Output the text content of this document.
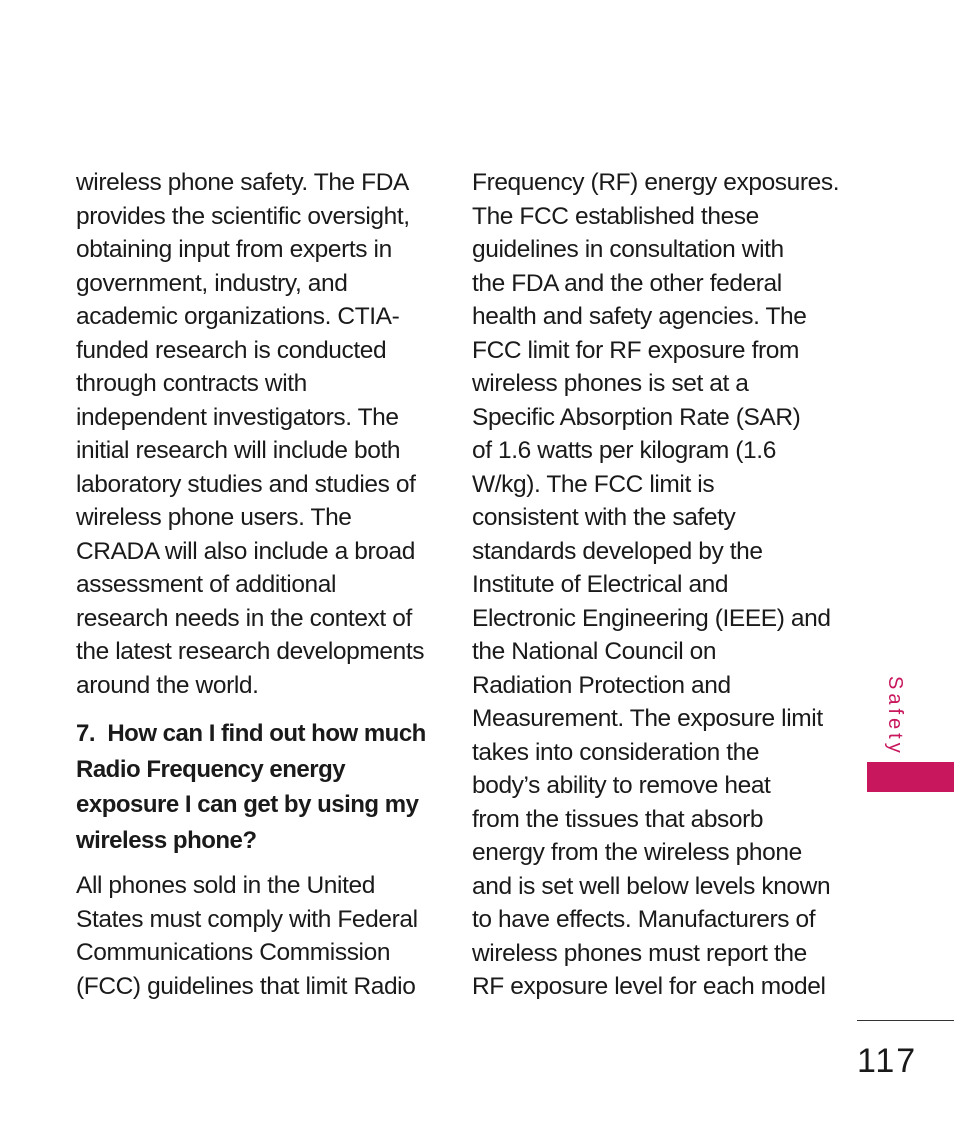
wireless phone safety. The FDA
provides the scientific oversight,
obtaining input from experts in
government, industry, and
academic organizations. CTIA-
funded research is conducted
through contracts with
independent investigators. The
initial research will include both
laboratory studies and studies of
wireless phone users. The
CRADA will also include a broad
assessment of additional
research needs in the context of
the latest research developments
around the world.
7.  How can I find out how much
Radio Frequency energy
exposure I can get by using my
wireless phone?
All phones sold in the United
States must comply with Federal
Communications Commission
(FCC) guidelines that limit Radio
Frequency (RF) energy exposures.
The FCC established these
guidelines in consultation with
the FDA and the other federal
health and safety agencies. The
FCC limit for RF exposure from
wireless phones is set at a
Specific Absorption Rate (SAR)
of 1.6 watts per kilogram (1.6
W/kg). The FCC limit is
consistent with the safety
standards developed by the
Institute of Electrical and
Electronic Engineering (IEEE) and
the National Council on
Radiation Protection and
Measurement. The exposure limit
takes into consideration the
body’s ability to remove heat
from the tissues that absorb
energy from the wireless phone
and is set well below levels known
to have effects. Manufacturers of
wireless phones must report the
RF exposure level for each model
Safety
117
